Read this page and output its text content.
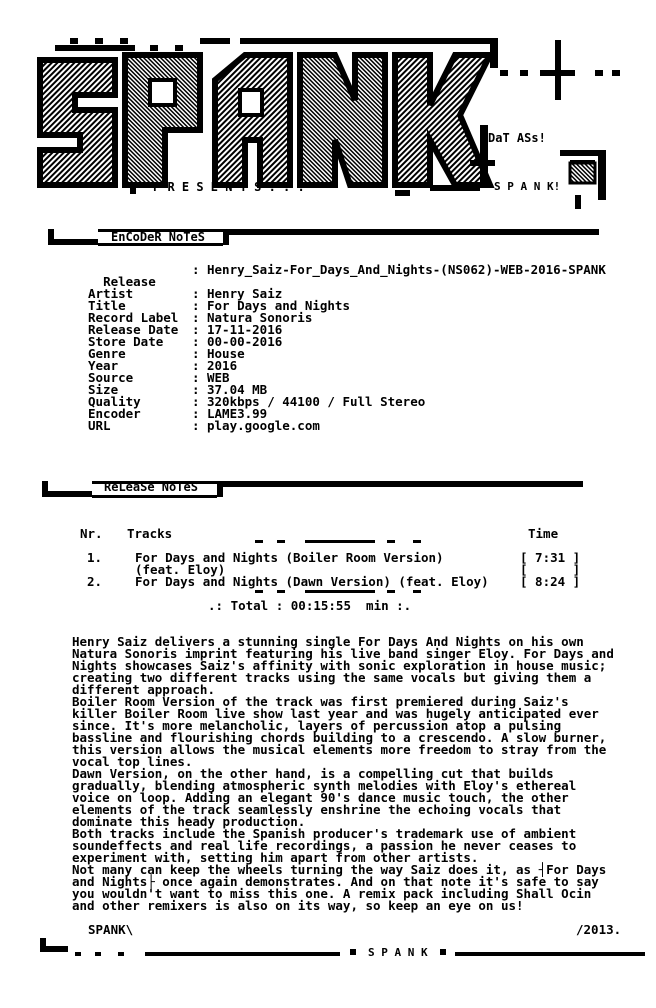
P R E S E N T S . . .
DaT ASs!
S P A N K!
EnCoDeR NoTeS

Release

: Henry_Saiz-For_Days_And_Nights-(NS062)-WEB-2016-SPANK
Artist	: Henry Saiz
Title	: For Days and Nights
Record Label : Natura Sonoris
Release Date : 17-11-2016
Store Date : 00-00-2016
Genre	: House
Year	: 2016
Source	: WEB
Size	: 37.04 MB
Quality	: 320kbps / 44100 / Full Stereo
Encoder	: LAME3.99
URL	: play.google.com
ReLeaSe NoTeS
Nr. Tracks	Time
1.	For Days and Nights (Boiler Room Version)	[ 7:31 ]
(feat. Eloy)	[      ]
2.	For Days and Nights (Dawn Version) (feat. Eloy)	[ 8:24 ]
.: Total : 00:15:55  min :.
Henry Saiz delivers a stunning single For Days And Nights on his own
Natura Sonoris imprint featuring his live band singer Eloy. For Days and
Nights showcases Saiz's affinity with sonic exploration in house music;
creating two different tracks using the same vocals but giving them a
different approach.
Boiler Room Version of the track was first premiered during Saiz's
killer Boiler Room live show last year and was hugely anticipated ever
since. It's more melancholic, layers of percussion atop a pulsing
bassline and flourishing chords building to a crescendo. A slow burner,
this version allows the musical elements more freedom to stray from the
vocal top lines.
Dawn Version, on the other hand, is a compelling cut that builds
gradually, blending atmospheric synth melodies with Eloy's ethereal
voice on loop. Adding an elegant 90's dance music touch, the other
elements of the track seamlessly enshrine the echoing vocals that
dominate this heady production.
Both tracks include the Spanish producer's trademark use of ambient
soundeffects and real life recordings, a passion he never ceases to
experiment with, setting him apart from other artists.
Not many can keep the wheels turning the way Saiz does it, as ┤For Days
and Nights├ once again demonstrates. And on that note it's safe to say
you wouldn't want to miss this one. A remix pack including Shall Ocin
and other remixers is also on its way, so keep an eye on us!
SPANK\	/2013.
S P A N K
